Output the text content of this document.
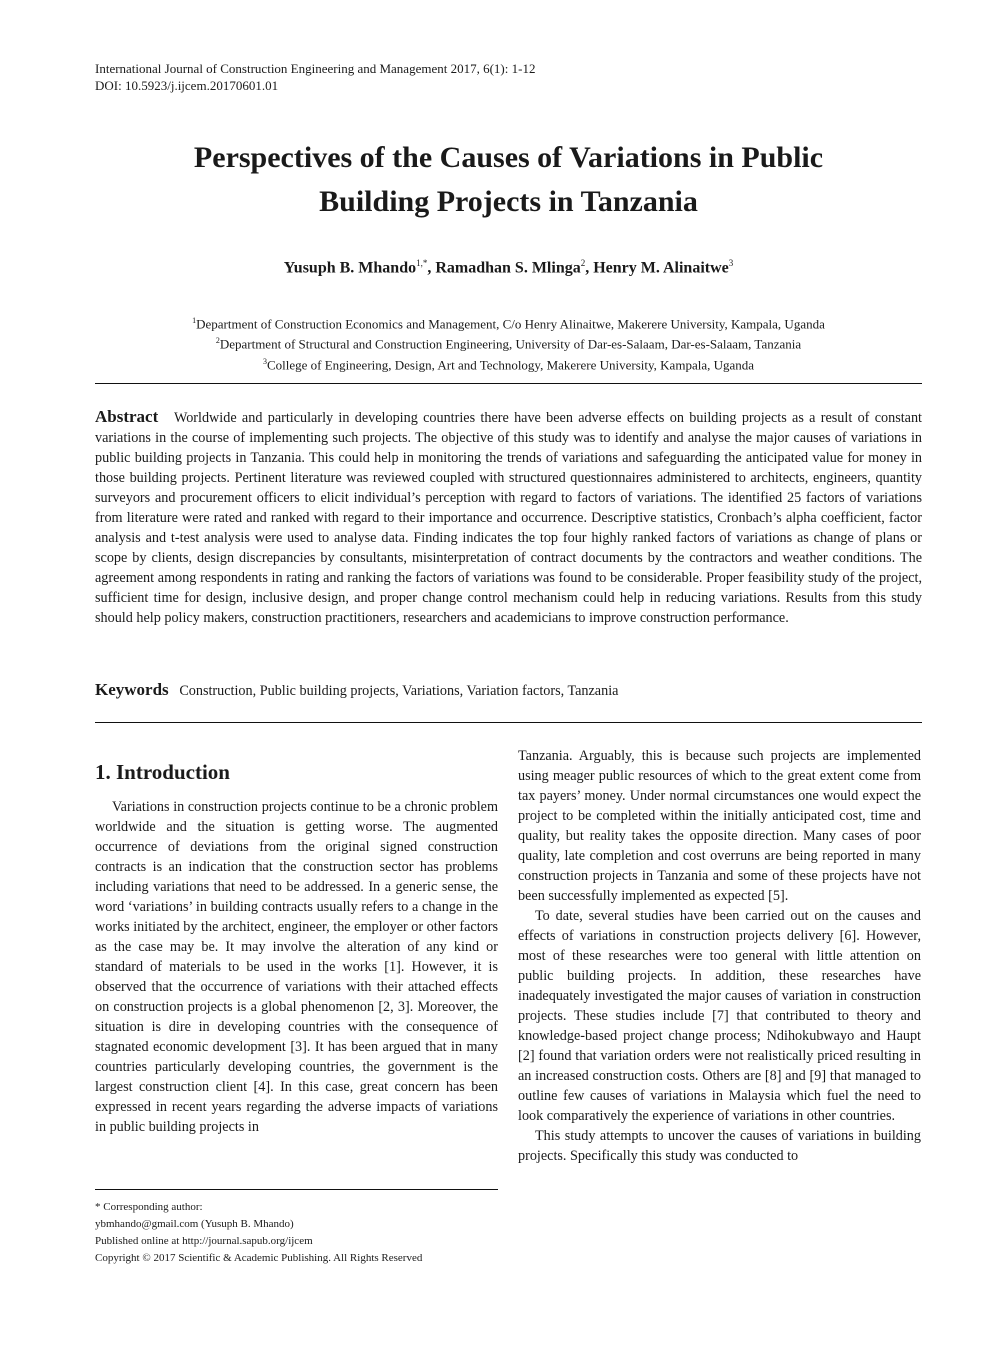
International Journal of Construction Engineering and Management 2017, 6(1): 1-12
DOI: 10.5923/j.ijcem.20170601.01
Perspectives of the Causes of Variations in Public
Building Projects in Tanzania
Yusuph B. Mhando$^{1,*}$, Ramadhan S. Mlinga$^2$, Henry M. Alinaitwe$^3$
$^1$Department of Construction Economics and Management, C/o Henry Alinaitwe, Makerere University, Kampala, Uganda
$^2$Department of Structural and Construction Engineering, University of Dar-es-Salaam, Dar-es-Salaam, Tanzania
$^3$College of Engineering, Design, Art and Technology, Makerere University, Kampala, Uganda

Abstract Worldwide and particularly in developing countries there have been adverse effects on building projects as a result of constant variations in the course of implementing such projects. The objective of this study was to identify and analyse the major causes of variations in public building projects in Tanzania. This could help in monitoring the trends of variations and safeguarding the anticipated value for money in those building projects. Pertinent literature was reviewed coupled with structured questionnaires administered to architects, engineers, quantity surveyors and procurement officers to elicit individual’s perception with regard to factors of variations. The identified 25 factors of variations from literature were rated and ranked with regard to their importance and occurrence. Descriptive statistics, Cronbach’s alpha coefficient, factor analysis and t-test analysis were used to analyse data. Finding indicates the top four highly ranked factors of variations as change of plans or scope by clients, design discrepancies by consultants, misinterpretation of contract documents by the contractors and weather conditions. The agreement among respondents in rating and ranking the factors of variations was found to be considerable. Proper feasibility study of the project, sufficient time for design, inclusive design, and proper change control mechanism could help in reducing variations. Results from this study should help policy makers, construction practitioners, researchers and academicians to improve construction performance.

Keywords Construction, Public building projects, Variations, Variation factors, Tanzania
1. Introduction

Variations in construction projects continue to be a chronic problem worldwide and the situation is getting worse. The augmented occurrence of deviations from the original signed construction contracts is an indication that the construction sector has problems including variations that need to be addressed. In a generic sense, the word ‘variations’ in building contracts usually refers to a change in the works initiated by the architect, engineer, the employer or other factors as the case may be. It may involve the alteration of any kind or standard of materials to be used in the works [1]. However, it is observed that the occurrence of variations with their attached effects on construction projects is a global phenomenon [2, 3]. Moreover, the situation is dire in developing countries with the consequence of stagnated economic development [3]. It has been argued that in many countries particularly developing countries, the government is the largest construction client [4]. In this case, great concern has been expressed in recent years regarding the adverse impacts of variations in public building projects in

Tanzania. Arguably, this is because such projects are implemented using meager public resources of which to the great extent come from tax payers’ money. Under normal circumstances one would expect the project to be completed within the initially anticipated cost, time and quality, but reality takes the opposite direction. Many cases of poor quality, late completion and cost overruns are being reported in many construction projects in Tanzania and some of these projects have not been successfully implemented as expected [5].

To date, several studies have been carried out on the causes and effects of variations in construction projects delivery [6]. However, most of these researches were too general with little attention on public building projects. In addition, these researches have inadequately investigated the major causes of variation in construction projects. These studies include [7] that contributed to theory and knowledge-based project change process; Ndihokubwayo and Haupt [2] found that variation orders were not realistically priced resulting in an increased construction costs. Others are [8] and [9] that managed to outline few causes of variations in Malaysia which fuel the need to look comparatively the experience of variations in other countries.

This study attempts to uncover the causes of variations in building projects. Specifically this study was conducted to

* Corresponding author:
ybmhando@gmail.com (Yusuph B. Mhando)
Published online at http://journal.sapub.org/ijcem
Copyright © 2017 Scientific & Academic Publishing. All Rights Reserved
